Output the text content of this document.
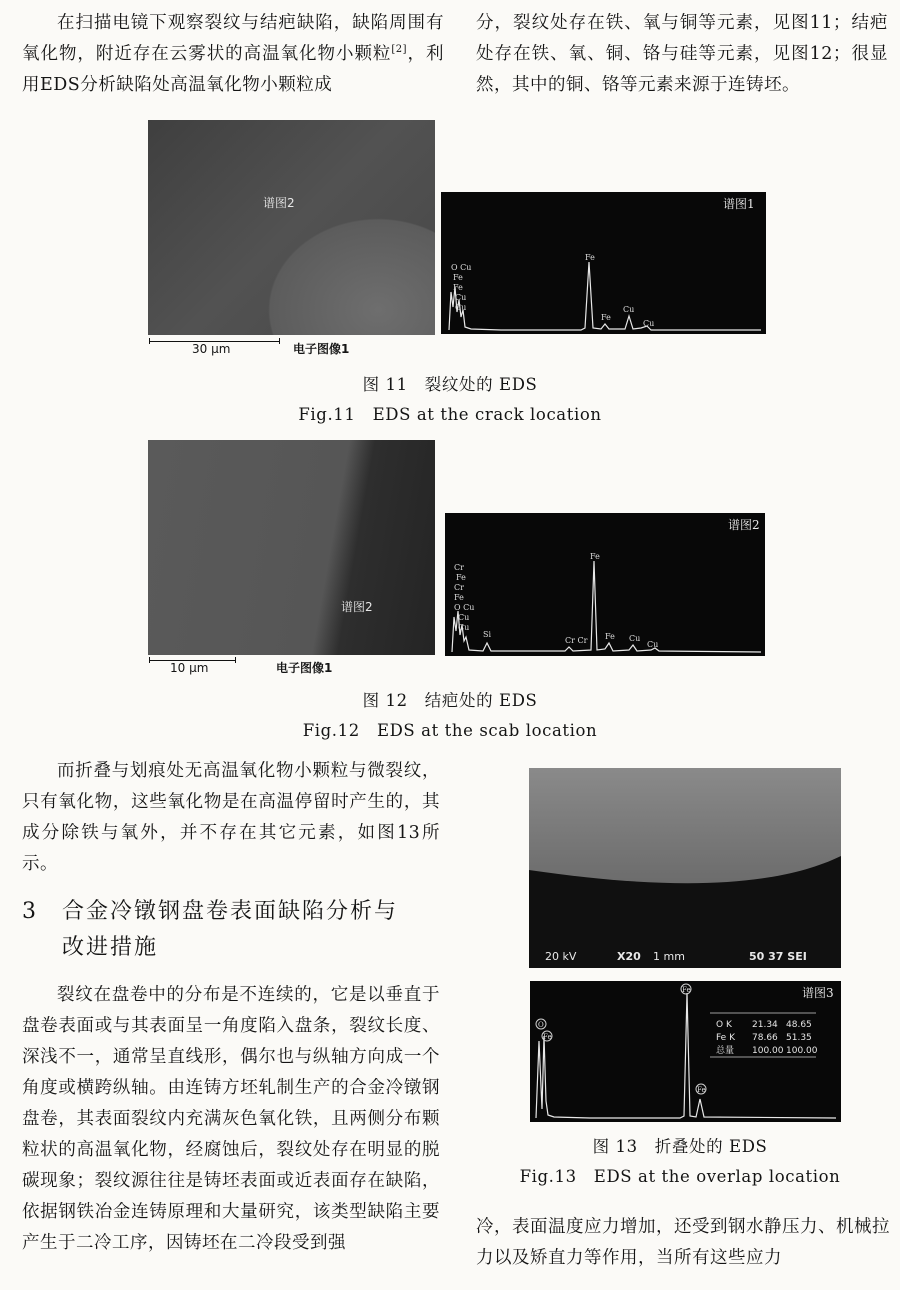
在扫描电镜下观察裂纹与结疤缺陷，缺陷周围有氧化物，附近存在云雾状的高温氧化物小颗粒[2]，利用EDS分析缺陷处高温氧化物小颗粒成

分，裂纹处存在铁、氧与铜等元素，见图11；结疤处存在铁、氧、铜、铬与硅等元素，见图12；很显然，其中的铜、铬等元素来源于连铸坯。

谱图2
30 μm	电子图像1
谱图1
O Cu
Fe
Fe
Cu
Cu
Fe
Fe
Cu
Cu
图 11　裂纹处的 EDS
Fig.11　EDS at the crack location
谱图2
10 μm	电子图像1
谱图2
Cr
Fe
Cr
Fe
O Cu
Cu
Cu
Si
Fe
Cr Cr Fe Cu
Cu
图 12　结疤处的 EDS
Fig.12　EDS at the scab location

而折叠与划痕处无高温氧化物小颗粒与微裂纹，只有氧化物，这些氧化物是在高温停留时产生的，其成分除铁与氧外，并不存在其它元素，如图13所示。

3 合金冷镦钢盘卷表面缺陷分析与
改进措施

裂纹在盘卷中的分布是不连续的，它是以垂直于盘卷表面或与其表面呈一角度陷入盘条，裂纹长度、深浅不一，通常呈直线形，偶尔也与纵轴方向成一个角度或横跨纵轴。由连铸方坯轧制生产的合金冷镦钢盘卷，其表面裂纹内充满灰色氧化铁，且两侧分布颗粒状的高温氧化物，经腐蚀后，裂纹处存在明显的脱碳现象；裂纹源往往是铸坯表面或近表面存在缺陷，依据钢铁冶金连铸原理和大量研究，该类型缺陷主要产生于二冷工序，因铸坯在二冷段受到强

20 kV	X20 1 mm	50 37 SEI
Fe
O
Fe
Fe
谱图3
O K 21.34 48.65
Fe K 78.66 51.35
总量 100.00 100.00
图 13　折叠处的 EDS
Fig.13　EDS at the overlap location

冷，表面温度应力增加，还受到钢水静压力、机械拉力以及矫直力等作用，当所有这些应力
